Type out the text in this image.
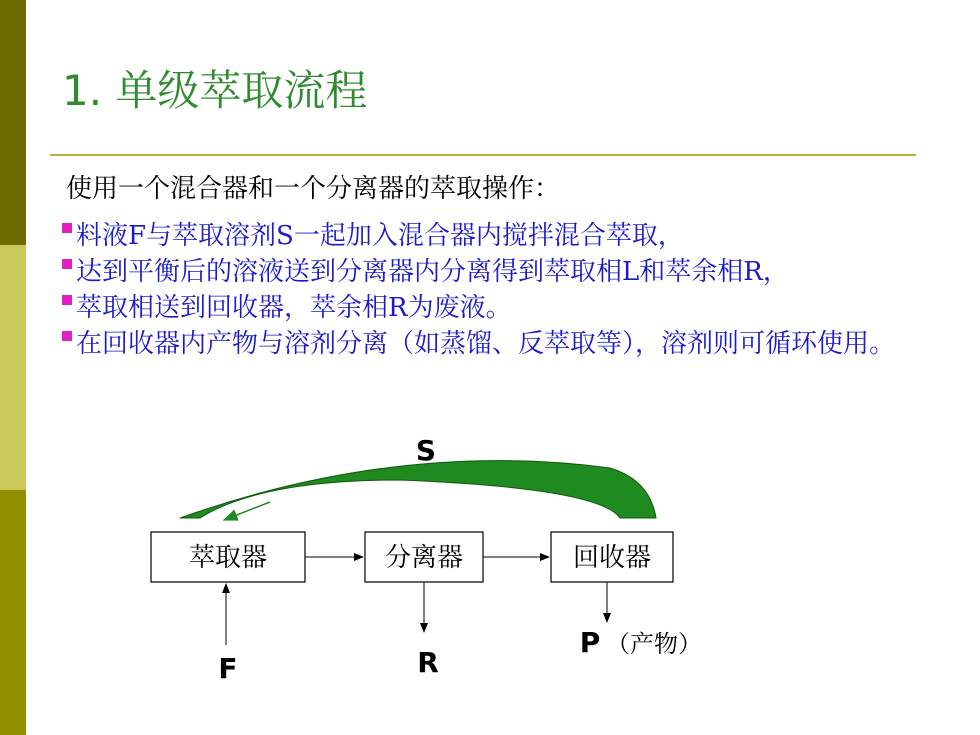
1. 单级萃取流程
使用一个混合器和一个分离器的萃取操作：

料液F与萃取溶剂S一起加入混合器内搅拌混合萃取，

达到平衡后的溶液送到分离器内分离得到萃取相L和萃余相R，

萃取相送到回收器，萃余相R为废液。

在回收器内产物与溶剂分离（如蒸馏、反萃取等），溶剂则可循环使用。

萃取器	分离器	回收器
S
F	R
P （产物）
